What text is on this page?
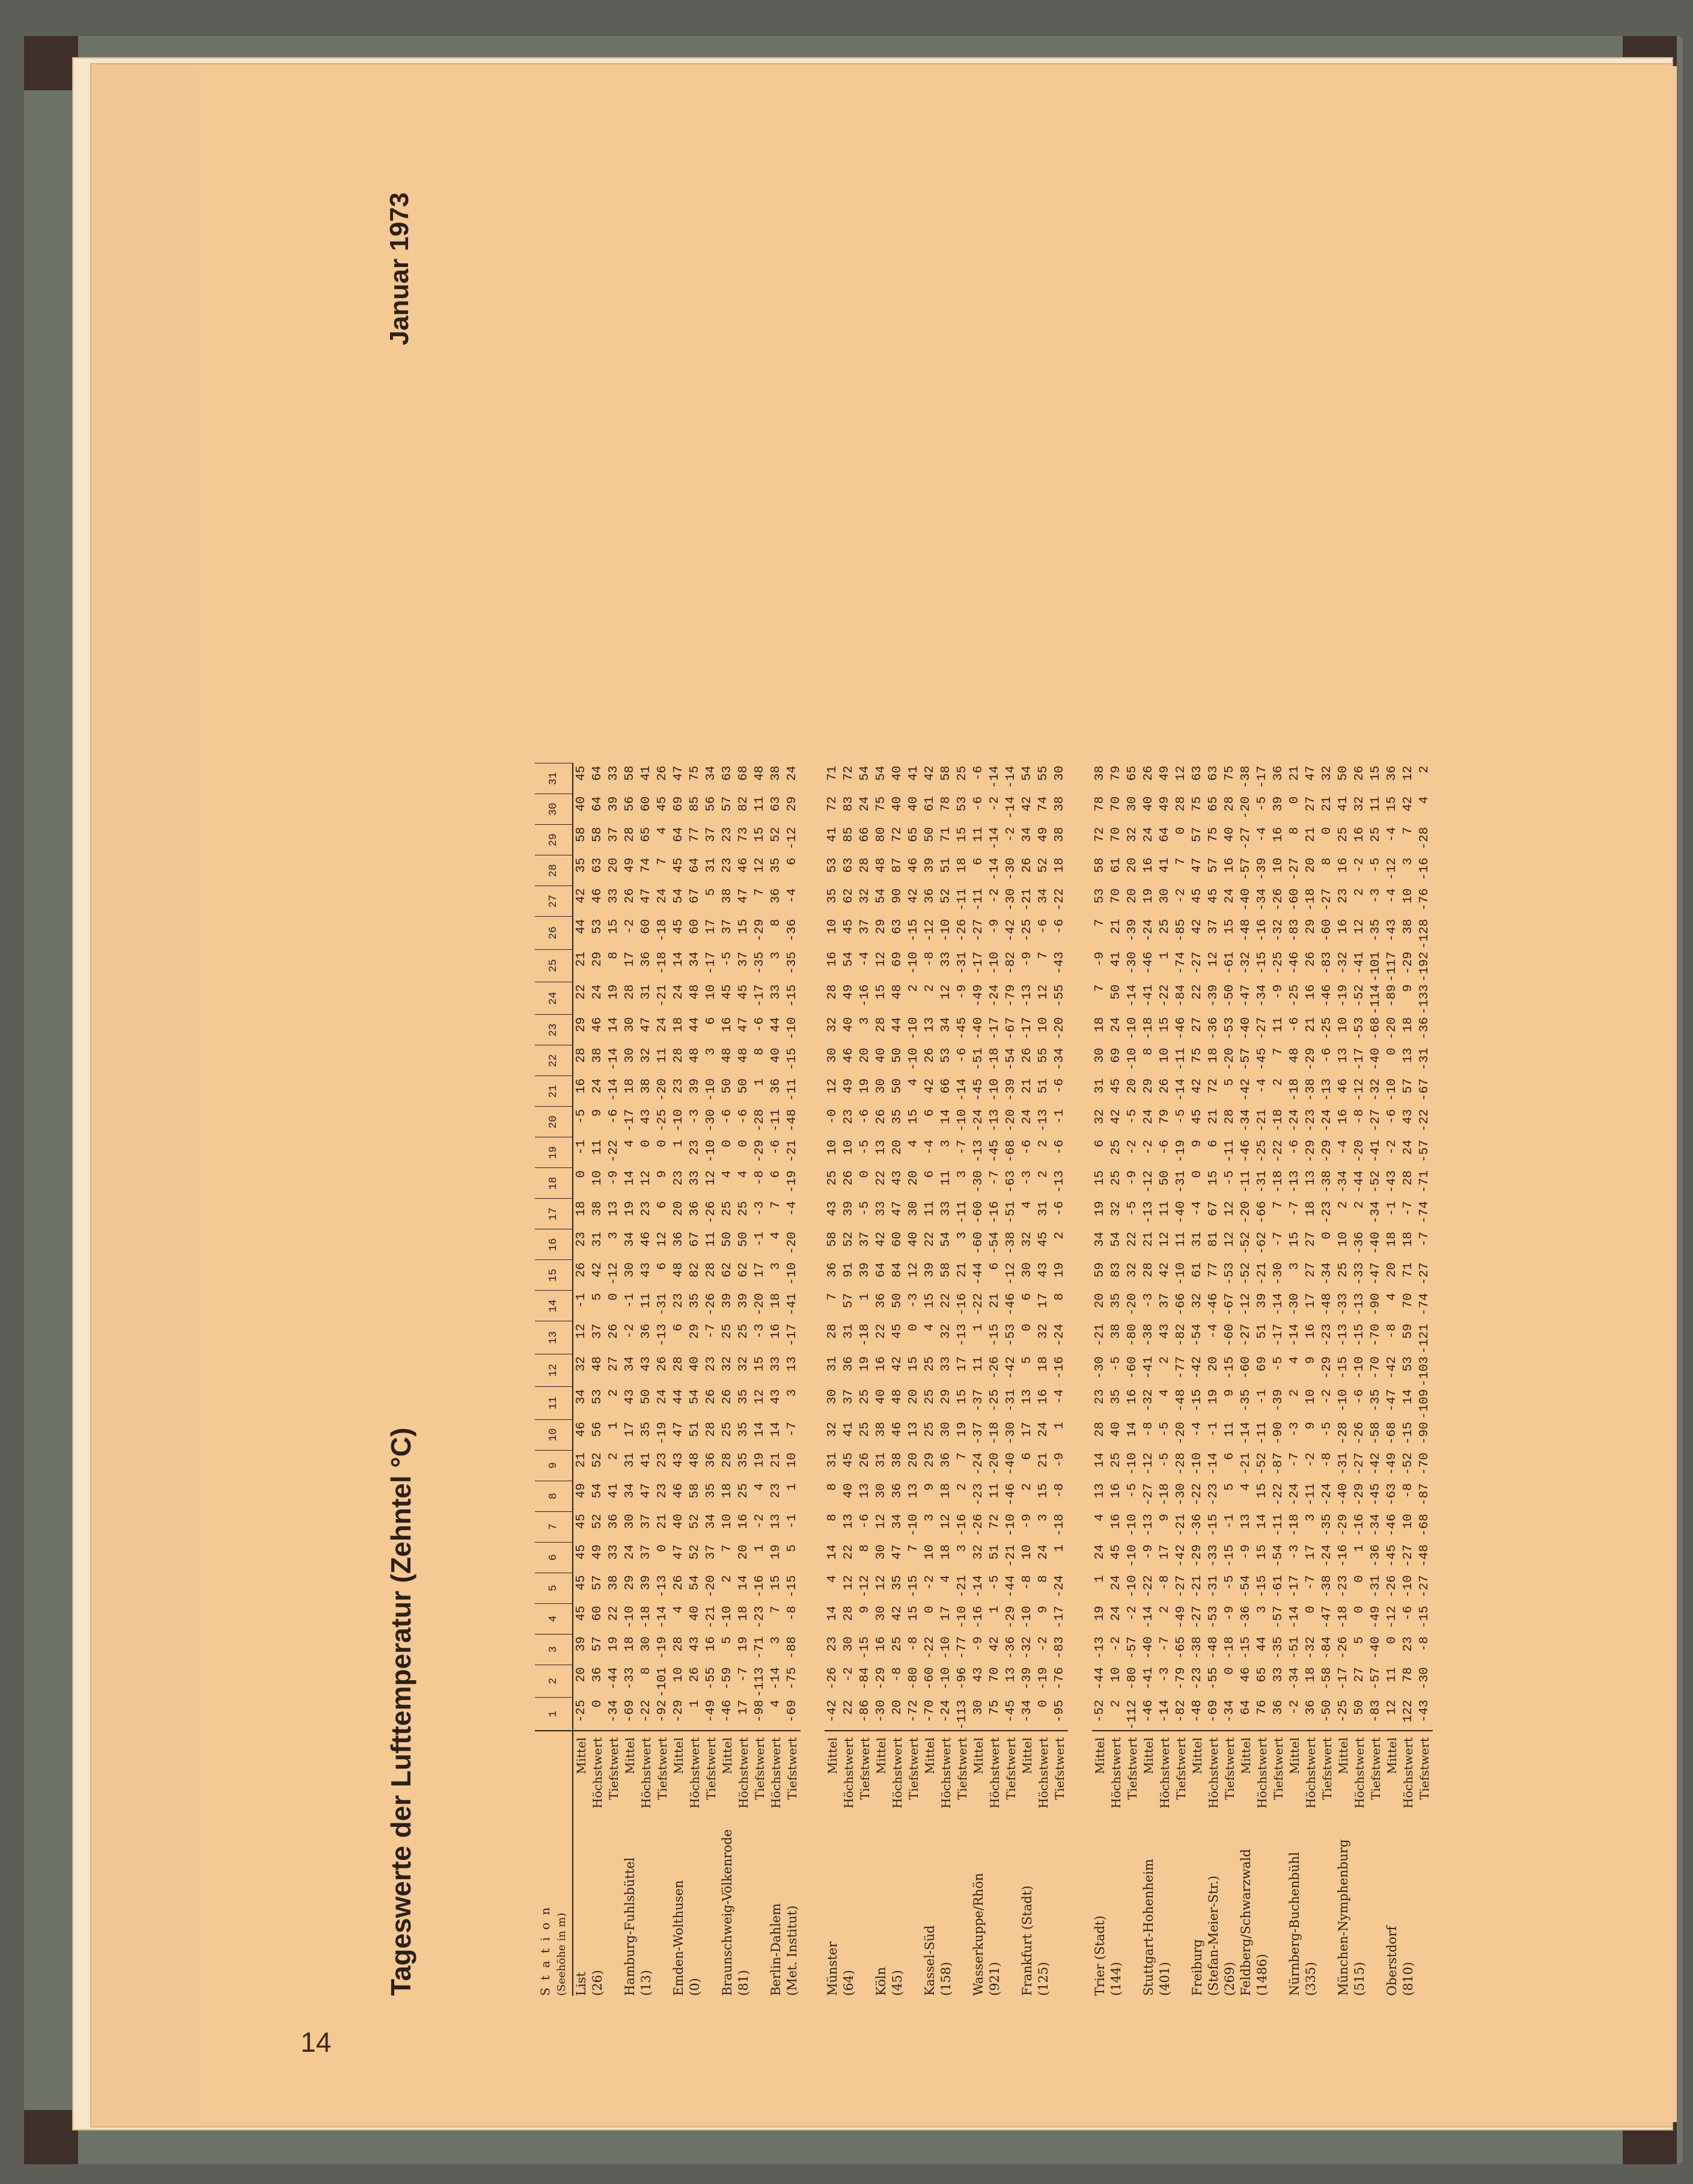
14
Tageswerte der Lufttemperatur (Zehntel °C)
Januar 1973
S t a t i o n (Seehöhe in m)		1	2	3	4	5	6	7	8	9	10	11	12	13	14	15	16	17	18	19	20	21	22	23	24	25	26	27	28	29	30	31
List	Mittel	-25	20	39	45	45	45	45	49	21	46	34	32	12	-1	26	23	18	0	-1	-5	16	28	29	22	21	44	42	35	58	40	45
(26)	Höchstwert	0	36	57	60	57	49	52	54	52	56	53	48	37	5	42	31	38	10	11	9	24	38	46	24	29	53	46	63	58	64	64
	Tiefstwert	-34	-44	19	22	38	33	36	41	2	1	2	27	26	0	-12	3	13	-9	-22	-6	-14	-14	14	19	8	15	33	20	37	39	33
Hamburg-Fuhlsbüttel	Mittel	-69	-33	18	-10	29	24	30	34	31	17	43	34	-2	-1	30	34	19	14	4	-17	18	30	30	28	17	-2	26	49	28	56	58
(13)	Höchstwert	-22	8	30	-18	39	37	37	47	41	35	50	43	36	11	43	46	23	12	0	43	38	32	47	31	36	60	47	74	65	60	41
	Tiefstwert	-92	-101	-19	-14	-13	0	21	23	23	-19	24	26	-13	-31	6	12	6	9	0	-25	-20	11	24	-21	-18	-18	24	7	4	45	26
Emden-Wolthusen	Mittel	-29	10	28	4	26	47	40	46	43	47	44	28	6	23	48	36	20	23	1	-10	23	28	18	24	14	45	54	45	64	69	47
(0)	Höchstwert	1	26	43	40	54	52	52	58	48	51	54	40	29	35	82	67	36	33	23	-3	39	48	44	48	34	60	67	64	77	85	75
	Tiefstwert	-49	-55	16	-21	-20	37	34	35	36	28	26	23	-7	-26	28	11	-26	12	-10	-30	-10	3	6	10	-17	17	5	31	37	56	34
Braunschweig-Völkenrode	Mittel	-46	-59	5	-10	2	7	10	18	28	25	26	32	25	39	62	50	25	4	0	-6	50	48	16	45	-5	37	38	23	23	57	63
(81)	Höchstwert	17	-7	19	18	14	20	16	25	35	35	35	32	25	39	62	50	25	4	0	-6	50	48	47	45	37	15	47	46	73	82	68
	Tiefstwert	-98	-113	-71	-23	-16	1	-2	4	19	14	12	15	-3	-20	17	-1	-3	-8	-29	-28	1	8	-6	-17	-35	-29	7	12	15	11	48
Berlin-Dahlem	Höchstwert	4	-14	3	7	15	19	13	23	21	14	43	33	16	18	3	4	7	6	-6	-11	36	40	44	33	3	8	36	35	52	63	38
(Met. Institut)	Tiefstwert	-69	-75	-88	-8	-15	5	-1	1	10	-7	3	13	-17	-41	-10	-20	-4	-19	-21	-48	-11	-15	-10	-15	-35	-36	-4	6	-12	29	24

Münster	Mittel	-42	-26	23	14	4	14	8	8	31	32	30	31	28	7	36	58	43	25	10	-0	12	30	32	28	16	10	35	53	41	72	71
(64)	Höchstwert	22	-2	30	28	12	22	13	40	45	41	37	36	31	57	91	52	39	26	10	23	49	46	40	49	54	45	62	63	85	83	72
	Tiefstwert	-86	-84	-15	9	-12	8	-6	13	26	25	25	19	-18	1	39	37	-5	0	-5	-6	19	20	3	-16	-4	37	32	28	66	24	54
Köln	Mittel	-30	-29	16	30	12	30	12	30	31	38	40	16	22	36	64	42	33	22	13	26	30	40	28	15	12	29	54	48	80	75	54
(45)	Höchstwert	20	-8	25	42	35	47	34	36	38	46	48	42	45	50	84	60	47	43	20	35	50	50	44	48	69	63	90	87	72	40	40
	Tiefstwert	-72	-80	-8	15	-15	7	-10	13	20	13	20	15	0	-3	12	40	30	20	4	15	4	-10	-10	2	-10	-15	42	46	65	40	41
Kassel-Süd	Mittel	-70	-60	-22	0	-2	10	3	9	29	25	25	25	4	15	39	22	11	6	-4	6	42	26	13	2	-8	-12	36	39	50	61	42
(158)	Höchstwert	-24	-10	-10	17	4	18	12	18	36	30	29	33	32	22	58	54	33	11	3	14	66	53	34	12	33	-10	52	51	71	78	58
	Tiefstwert	-113	-96	-77	-10	-21	3	-16	2	7	19	15	17	-13	-16	21	3	-11	3	-7	-10	-14	-6	-45	-9	-31	-26	-11	18	15	53	25
Wasserkuppe/Rhön	Mittel	30	43	-9	-16	-14	32	-26	-23	-24	-37	-37	11	1	-22	-44	-60	-60	-30	-13	-24	-45	-51	-40	-49	-17	-27	-11	6	11	-6	-6
(921)	Höchstwert	75	70	42	1	-5	51	72	11	-20	-18	-25	-26	-15	21	6	-54	-16	-7	-45	-13	-10	-18	-17	-24	-10	-9	-2	-14	-14	-2	-14
	Tiefstwert	-45	13	-36	-29	-44	-21	-10	-46	-40	-30	-31	-42	-53	-46	-12	-38	-51	-63	-68	-20	-39	-54	-67	-79	-82	-42	-30	-30	-2	-14	-14
Frankfurt (Stadt)	Mittel	-34	-39	-32	-10	-8	10	-9	2	6	17	13	5	0	6	30	32	4	-3	-6	24	21	26	-17	-13	-9	-25	-21	26	34	42	54
(125)	Höchstwert	0	-19	-2	9	8	24	3	15	21	24	16	18	32	17	43	45	31	2	2	-13	51	55	10	12	7	-6	34	52	49	74	55
	Tiefstwert	-95	-76	-83	-17	-24	1	-18	-8	-9	1	-4	-16	-24	8	19	2	-6	-13	-6	-1	-6	-34	-20	-55	-43	-6	-22	18	38	38	30

Trier (Stadt)	Mittel	-52	-44	-13	19	1	24	4	13	14	28	23	-30	-21	20	59	34	19	15	6	32	31	30	18	7	-9	7	53	58	72	78	38
(144)	Höchstwert	2	10	-2	24	24	45	16	16	25	40	35	-5	38	35	83	54	32	25	25	42	45	69	24	50	41	21	70	61	70	70	79
	Tiefstwert	-112	-80	-57	-2	-10	-10	-10	-5	-10	14	16	-60	-80	-20	32	22	-5	-9	-2	-5	20	-10	-10	-14	-30	-39	20	20	32	30	65
Stuttgart-Hohenheim	Mittel	-46	-41	-40	-14	-22	-9	-13	-27	-12	-8	-32	-41	-38	-3	28	21	-13	-12	-2	24	29	8	-18	-41	-46	-24	19	16	24	40	26
(401)	Höchstwert	-14	-3	-7	2	-8	17	9	-18	-5	-5	4	2	43	37	42	12	11	50	-6	79	26	10	15	-22	1	25	30	41	64	49	49
	Tiefstwert	-82	-79	-65	-49	-27	-42	-21	-30	-28	-20	-48	-77	-82	-66	-10	11	-40	-31	-19	-5	-14	-11	-46	-84	-74	-85	-2	7	0	28	12
Freiburg	Mittel	-48	-23	-38	-27	-21	-29	-36	-22	-10	-4	-15	-42	-54	32	61	31	-4	0	9	45	42	75	27	22	-27	42	45	47	57	75	63
(Stefan-Meier-Str.)	Höchstwert	-69	-55	-48	-53	-31	-33	-15	-23	-14	-1	19	20	-4	-46	77	81	67	15	6	21	72	18	-36	-39	12	37	45	57	75	65	63
(269)	Tiefstwert	-34	0	-18	-9	-5	-15	-1	5	6	11	9	-15	-60	-67	-53	12	12	-5	-11	28	5	-20	-53	-50	-61	15	24	16	40	28	75
Feldberg/Schwarzwald	Mittel	64	46	-15	-36	-54	-9	13	4	-21	-14	-35	-60	-27	-12	-52	-52	-20	-11	-46	-34	-42	-57	-40	-47	-32	-48	-40	-57	-27	-20	-38
(1486)	Höchstwert	76	65	44	3	-15	15	14	15	-52	-11	-1	69	51	39	-21	-62	-66	-31	-25	-21	-4	-45	-27	-34	-15	-16	-34	-39	-4	-5	-17
	Tiefstwert	36	33	-35	-57	-61	-54	-11	-22	-87	-90	-39	-5	-17	-14	-30	-7	7	-18	-22	-18	2	7	11	-9	-25	-32	-26	10	16	39	36
Nürnberg-Buchenbühl	Mittel	-2	-34	-51	-14	-17	-3	-18	-24	-7	-3	2	4	-14	-30	3	15	-7	-13	-6	-24	-18	48	-6	-25	-46	-83	-60	-27	8	0	21
(335)	Höchstwert	36	18	-32	0	-7	17	3	-11	-2	9	10	9	16	17	27	27	18	13	-29	-23	-38	-29	21	16	26	29	-18	20	21	27	47
	Tiefstwert	-50	-58	-84	-47	-38	-24	-35	-24	-8	-5	-2	-29	-23	-48	-34	0	-23	-38	-29	-24	-13	-6	-25	-46	-83	-60	-27	8	0	21	32
München-Nymphenburg	Mittel	-25	-17	-26	-18	-23	-16	-29	-40	-31	-28	-10	-15	-13	-33	25	10	2	-34	-4	16	46	13	10	-19	-32	16	23	16	25	41	50
(515)	Höchstwert	50	27	5	0	0	1	-16	-29	-27	-26	-6	-10	-15	-13	-33	-36	2	-44	-20	-8	-12	-17	-53	-52	-41	12	2	-2	16	32	26
	Tiefstwert	-83	-57	-40	-49	-31	-36	-34	-45	-42	-58	-35	-70	-70	-90	-47	-40	-34	-52	-41	-27	-32	-40	-68	-114	-101	-35	-3	-5	25	11	15
Oberstdorf	Mittel	12	11	0	-12	-26	-45	-46	-63	-49	-68	-47	-42	-8	4	20	18	-1	-43	-2	-6	-10	0	-20	-89	-117	-43	-4	-12	-4	15	36
(810)	Höchstwert	122	78	23	-6	-10	-27	10	-8	-52	-15	14	53	59	70	71	18	-7	28	24	43	57	13	18	9	-29	38	10	3	7	42	12
	Tiefstwert	-43	-30	-8	-15	-27	-48	-68	-87	-70	-90	-109	-103	-121	-74	-27	-7	-74	-71	-57	-22	-67	-31	-36	-133	-192	-128	-76	-16	-28	4	2
